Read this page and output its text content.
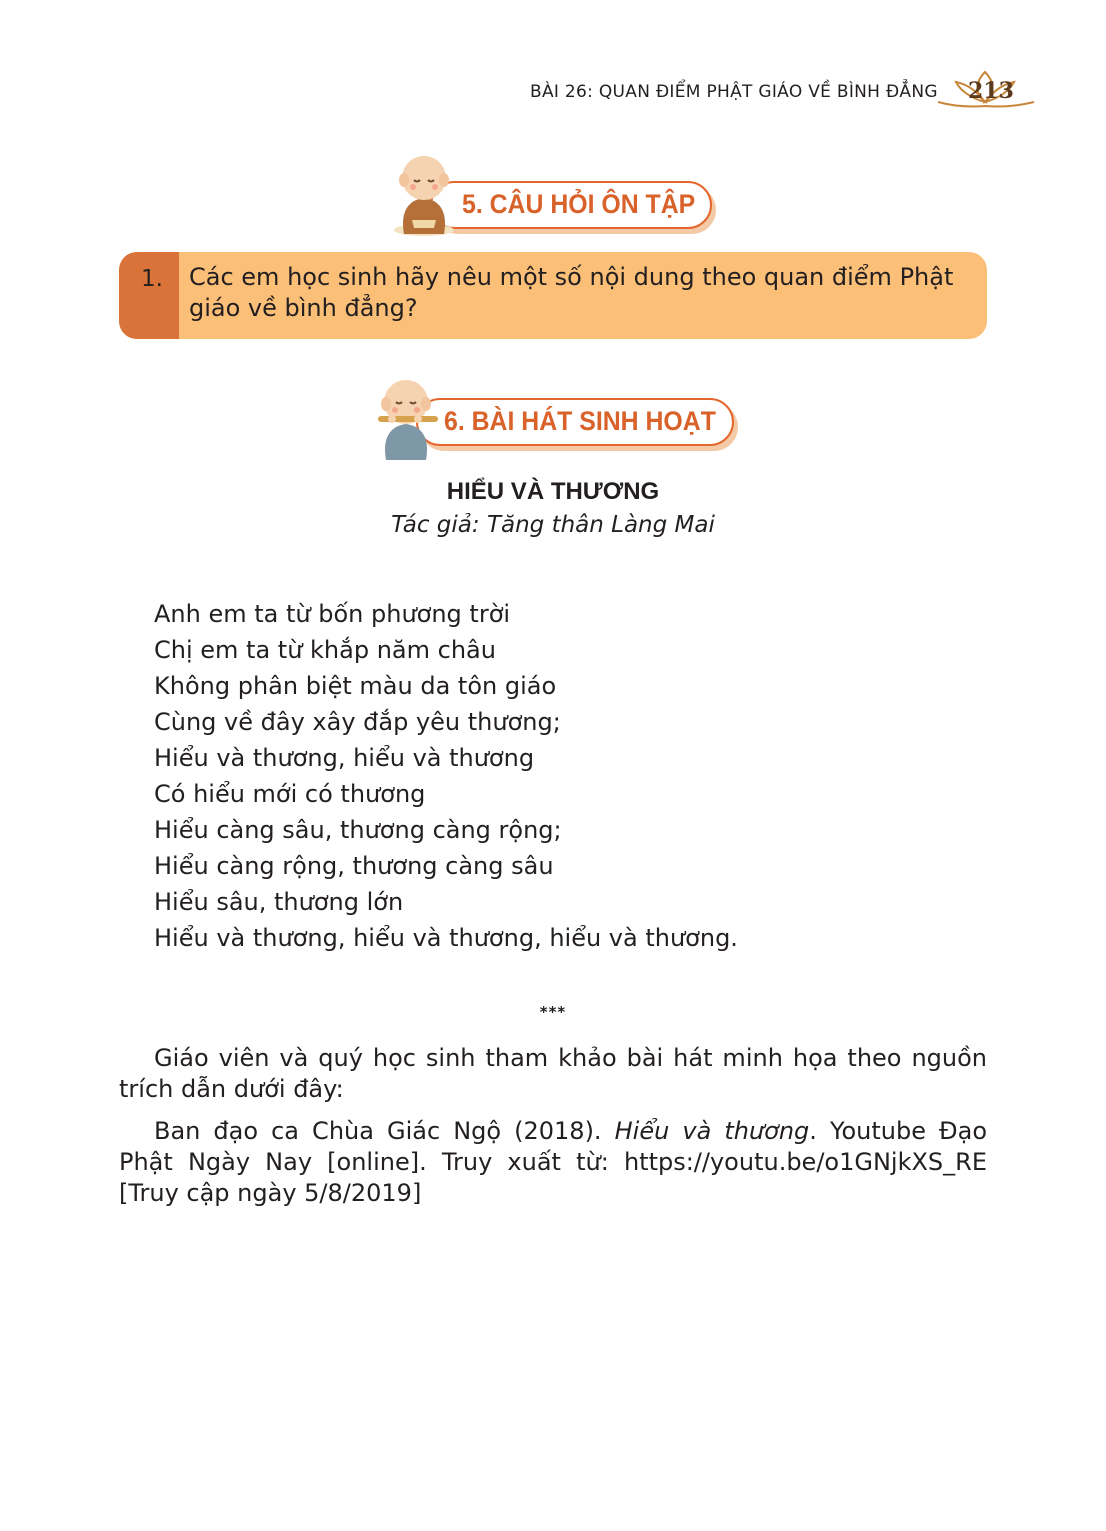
BÀI 26: QUAN ĐIỂM PHẬT GIÁO VỀ BÌNH ĐẲNG 213
5. CÂU HỎI ÔN TẬP
1. Các em học sinh hãy nêu một số nội dung theo quan điểm Phật giáo về bình đẳng?

6. BÀI HÁT SINH HOẠT
HIỂU VÀ THƯƠNG

Tác giả: Tăng thân Làng Mai

Anh em ta từ bốn phương trời
Chị em ta từ khắp năm châu
Không phân biệt màu da tôn giáo
Cùng về đây xây đắp yêu thương;
Hiểu và thương, hiểu và thương
Có hiểu mới có thương
Hiểu càng sâu, thương càng rộng;
Hiểu càng rộng, thương càng sâu
Hiểu sâu, thương lớn
Hiểu và thương, hiểu và thương, hiểu và thương.
***

Giáo viên và quý học sinh tham khảo bài hát minh họa theo nguồn trích dẫn dưới đây:

Ban đạo ca Chùa Giác Ngộ (2018). Hiểu và thương. Youtube Đạo Phật Ngày Nay [online]. Truy xuất từ: https://youtu.be/o1GNjkXS_RE [Truy cập ngày 5/8/2019]
